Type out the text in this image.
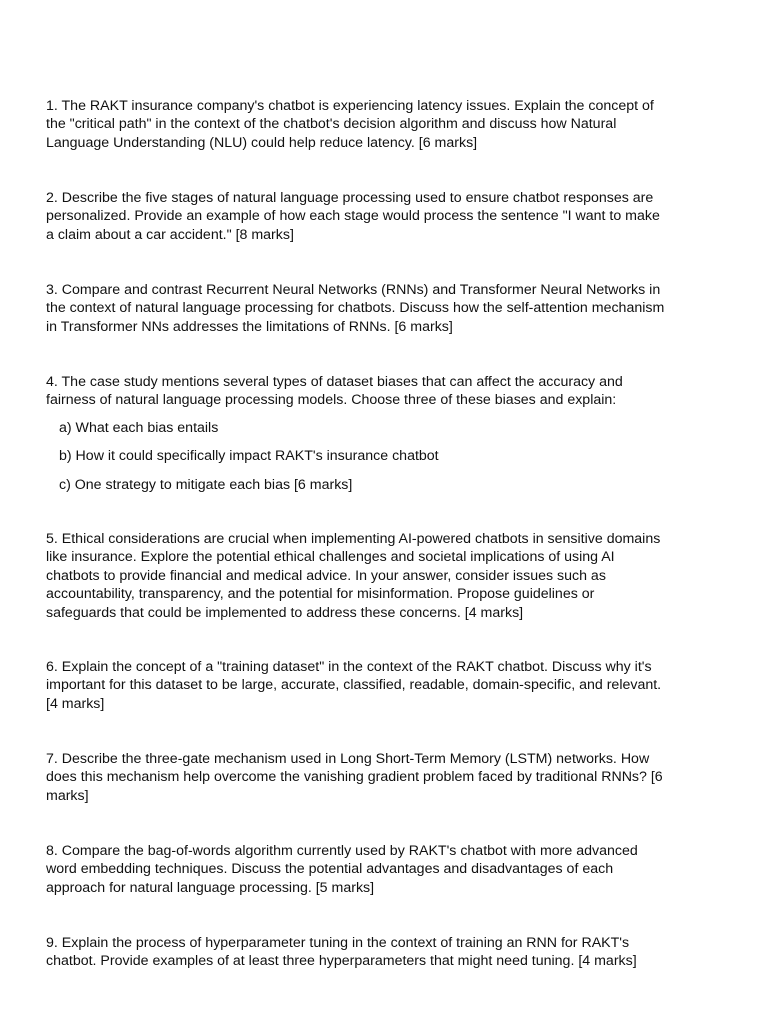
1. The RAKT insurance company's chatbot is experiencing latency issues. Explain the concept of
the "critical path" in the context of the chatbot's decision algorithm and discuss how Natural
Language Understanding (NLU) could help reduce latency. [6 marks]

2. Describe the five stages of natural language processing used to ensure chatbot responses are
personalized. Provide an example of how each stage would process the sentence "I want to make
a claim about a car accident." [8 marks]

3. Compare and contrast Recurrent Neural Networks (RNNs) and Transformer Neural Networks in
the context of natural language processing for chatbots. Discuss how the self-attention mechanism
in Transformer NNs addresses the limitations of RNNs. [6 marks]

4. The case study mentions several types of dataset biases that can affect the accuracy and
fairness of natural language processing models. Choose three of these biases and explain:
a) What each bias entails
b) How it could specifically impact RAKT's insurance chatbot
c) One strategy to mitigate each bias [6 marks]

5. Ethical considerations are crucial when implementing AI-powered chatbots in sensitive domains
like insurance. Explore the potential ethical challenges and societal implications of using AI
chatbots to provide financial and medical advice. In your answer, consider issues such as
accountability, transparency, and the potential for misinformation. Propose guidelines or
safeguards that could be implemented to address these concerns. [4 marks]

6. Explain the concept of a "training dataset" in the context of the RAKT chatbot. Discuss why it's
important for this dataset to be large, accurate, classified, readable, domain-specific, and relevant.
[4 marks]

7. Describe the three-gate mechanism used in Long Short-Term Memory (LSTM) networks. How
does this mechanism help overcome the vanishing gradient problem faced by traditional RNNs? [6
marks]

8. Compare the bag-of-words algorithm currently used by RAKT's chatbot with more advanced
word embedding techniques. Discuss the potential advantages and disadvantages of each
approach for natural language processing. [5 marks]

9. Explain the process of hyperparameter tuning in the context of training an RNN for RAKT's
chatbot. Provide examples of at least three hyperparameters that might need tuning. [4 marks]
